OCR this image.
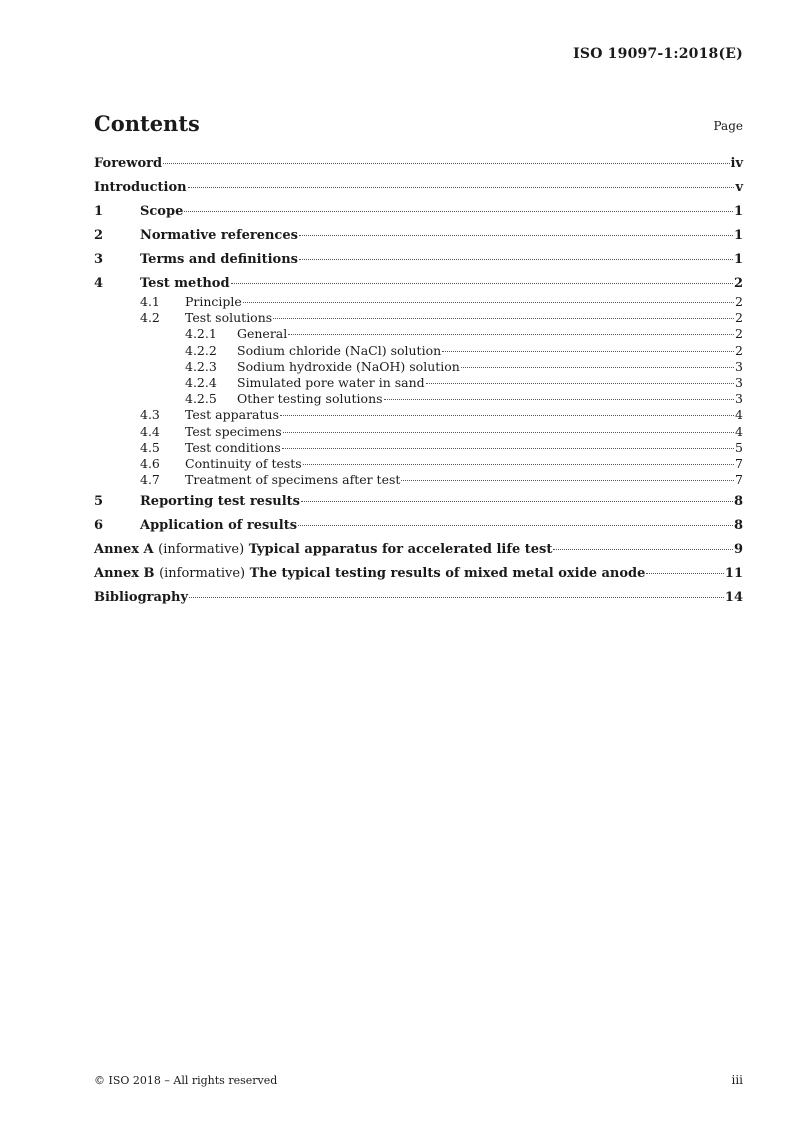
ISO 19097-1:2018(E)
Contents	Page
Foreword	iv
Introduction	v
1	Scope	1
2	Normative references	1
3	Terms and definitions	1
4	Test method	2
4.1	Principle	2
4.2	Test solutions	2
4.2.1	General	2
4.2.2	Sodium chloride (NaCl) solution	2
4.2.3	Sodium hydroxide (NaOH) solution	3
4.2.4	Simulated pore water in sand	3
4.2.5	Other testing solutions	3
4.3	Test apparatus	4
4.4	Test specimens	4
4.5	Test conditions	5
4.6	Continuity of tests	7
4.7	Treatment of specimens after test	7
5	Reporting test results	8
6	Application of results	8
Annex A (informative) Typical apparatus for accelerated life test	9
Annex B (informative) The typical testing results of mixed metal oxide anode	11
Bibliography	14
© ISO 2018 – All rights reserved	iii
